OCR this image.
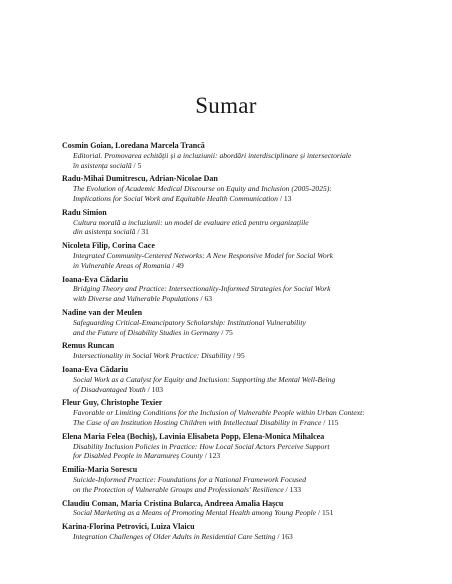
Sumar
Cosmin Goian, Loredana Marcela Trancă
Editorial. Promovarea echității și a incluziunii: abordări interdisciplinare și intersectoriale
în asistența socială / 5
Radu-Mihai Dumitrescu, Adrian-Nicolae Dan
The Evolution of Academic Medical Discourse on Equity and Inclusion (2005-2025):
Implications for Social Work and Equitable Health Communication / 13
Radu Simion
Cultura morală a incluziunii: un model de evaluare etică pentru organizațiile
din asistența socială / 31
Nicoleta Filip, Corina Cace
Integrated Community-Centered Networks: A New Responsive Model for Social Work
in Vulnerable Areas of Romania / 49
Ioana-Eva Cădariu
Bridging Theory and Practice: Intersectionality-Informed Strategies for Social Work
with Diverse and Vulnerable Populations / 63
Nadine van der Meulen
Safeguarding Critical-Emancipatory Scholarship: Institutional Vulnerability
and the Future of Disability Studies in Germany / 75
Remus Runcan
Intersectionality in Social Work Practice: Disability / 95
Ioana-Eva Cădariu
Social Work as a Catalyst for Equity and Inclusion: Supporting the Mental Well-Being
of Disadvantaged Youth / 103
Fleur Guy, Christophe Texier
Favorable or Limiting Conditions for the Inclusion of Vulnerable People within Urban Context:
The Case of an Institution Hosting Children with Intellectual Disability in France / 115
Elena Maria Felea (Bochiș), Lavinia Elisabeta Popp, Elena-Monica Mihalcea
Disability Inclusion Policies in Practice: How Local Social Actors Perceive Support
for Disabled People in Maramureș County / 123
Emilia-Maria Sorescu
Suicide-Informed Practice: Foundations for a National Framework Focused
on the Protection of Vulnerable Groups and Professionals' Resilience / 133
Claudiu Coman, Maria Cristina Bularca, Andreea Amalia Hașcu
Social Marketing as a Means of Promoting Mental Health among Young People / 151
Karina-Florina Petrovici, Luiza Vlaicu
Integration Challenges of Older Adults in Residential Care Setting / 163
